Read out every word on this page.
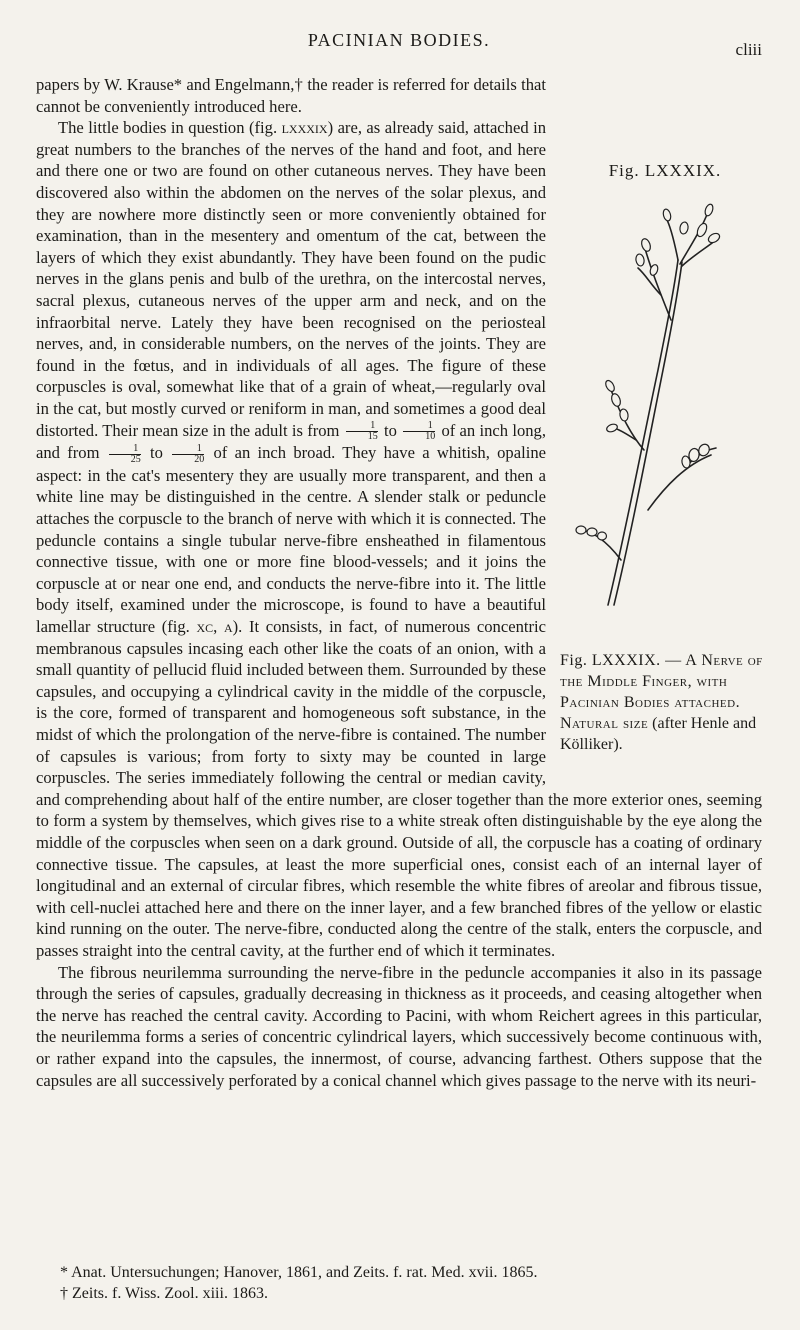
PACINIAN BODIES.	cliii
Fig. LXXXIX.
Fig. LXXXIX. — A Nerve of the Middle Finger, with Pacinian Bodies attached. Natural size (after Henle and Kölliker).

papers by W. Krause* and Engelmann,† the reader is referred for details that cannot be conveniently introduced here.

The little bodies in question (fig. lxxxix) are, as already said, attached in great numbers to the branches of the nerves of the hand and foot, and here and there one or two are found on other cutaneous nerves. They have been discovered also within the abdomen on the nerves of the solar plexus, and they are nowhere more distinctly seen or more conveniently obtained for examination, than in the mesentery and omentum of the cat, between the layers of which they exist abundantly. They have been found on the pudic nerves in the glans penis and bulb of the urethra, on the intercostal nerves, sacral plexus, cutaneous nerves of the upper arm and neck, and on the infraorbital nerve. Lately they have been recognised on the periosteal nerves, and, in considerable numbers, on the nerves of the joints. They are found in the fœtus, and in individuals of all ages. The figure of these corpuscles is oval, somewhat like that of a grain of wheat,—regularly oval in the cat, but mostly curved or reniform in man, and sometimes a good deal distorted. Their mean size in the adult is from $\frac{1}{15}$ to $\frac{1}{10}$ of an inch long, and from $\frac{1}{25}$ to $\frac{1}{20}$ of an inch broad. They have a whitish, opaline aspect: in the cat's mesentery they are usually more transparent, and then a white line may be distinguished in the centre. A slender stalk or peduncle attaches the corpuscle to the branch of nerve with which it is connected. The peduncle contains a single tubular nerve-fibre ensheathed in filamentous connective tissue, with one or more fine blood-vessels; and it joins the corpuscle at or near one end, and conducts the nerve-fibre into it. The little body itself, examined under the microscope, is found to have a beautiful lamellar structure (fig. xc, a). It consists, in fact, of numerous concentric membranous capsules incasing each other like the coats of an onion, with a small quantity of pellucid fluid included between them. Surrounded by these capsules, and occupying a cylindrical cavity in the middle of the corpuscle, is the core, formed of transparent and homogeneous soft substance, in the midst of which the prolongation of the nerve-fibre is contained. The number of capsules is various; from forty to sixty may be counted in large corpuscles. The series immediately following the central or median cavity, and comprehending about half of the entire number, are closer together than the more exterior ones, seeming to form a system by themselves, which gives rise to a white streak often distinguishable by the eye along the middle of the corpuscles when seen on a dark ground. Outside of all, the corpuscle has a coating of ordinary connective tissue. The capsules, at least the more superficial ones, consist each of an internal layer of longitudinal and an external of circular fibres, which resemble the white fibres of areolar and fibrous tissue, with cell-nuclei attached here and there on the inner layer, and a few branched fibres of the yellow or elastic kind running on the outer. The nerve-fibre, conducted along the centre of the stalk, enters the corpuscle, and passes straight into the central cavity, at the further end of which it terminates.

The fibrous neurilemma surrounding the nerve-fibre in the peduncle accompanies it also in its passage through the series of capsules, gradually decreasing in thickness as it proceeds, and ceasing altogether when the nerve has reached the central cavity. According to Pacini, with whom Reichert agrees in this particular, the neurilemma forms a series of concentric cylindrical layers, which successively become continuous with, or rather expand into the capsules, the innermost, of course, advancing farthest. Others suppose that the capsules are all successively perforated by a conical channel which gives passage to the nerve with its neuri-

* Anat. Untersuchungen; Hanover, 1861, and Zeits. f. rat. Med. xvii. 1865.
† Zeits. f. Wiss. Zool. xiii. 1863.
